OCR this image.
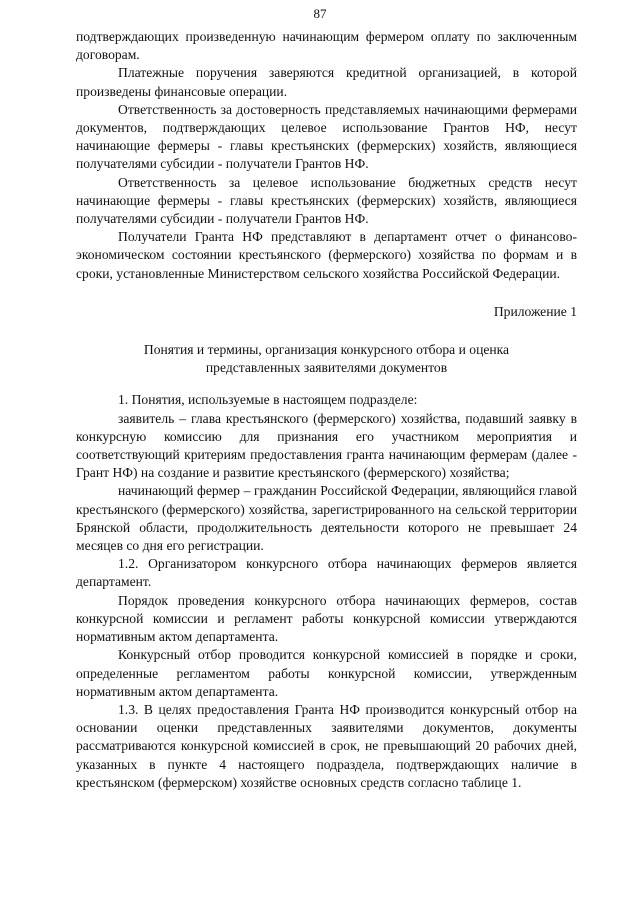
87

подтверждающих произведенную начинающим фермером оплату по заключенным договорам.

Платежные поручения заверяются кредитной организацией, в которой произведены финансовые операции.

Ответственность за достоверность представляемых начинающими фермерами документов, подтверждающих целевое использование Грантов НФ, несут начинающие фермеры - главы крестьянских (фермерских) хозяйств, являющиеся получателями субсидии - получатели Грантов НФ.

Ответственность за целевое использование бюджетных средств несут начинающие фермеры - главы крестьянских (фермерских) хозяйств, являющиеся получателями субсидии - получатели Грантов НФ.

Получатели Гранта НФ представляют в департамент отчет о финансово-экономическом состоянии крестьянского (фермерского) хозяйства по формам и в сроки, установленные Министерством сельского хозяйства Российской Федерации.

Приложение 1

Понятия и термины, организация конкурсного отбора и оценка
представленных заявителями документов

1. Понятия, используемые в настоящем подразделе:

заявитель – глава крестьянского (фермерского) хозяйства, подавший заявку в конкурсную комиссию для признания его участником мероприятия и соответствующий критериям предоставления гранта начинающим фермерам (далее - Грант НФ) на создание и развитие крестьянского (фермерского) хозяйства;

начинающий фермер – гражданин Российской Федерации, являющийся главой крестьянского (фермерского) хозяйства, зарегистрированного на сельской территории Брянской области, продолжительность деятельности которого не превышает 24 месяцев со дня его регистрации.

1.2. Организатором конкурсного отбора начинающих фермеров является департамент.

Порядок проведения конкурсного отбора начинающих фермеров, состав конкурсной комиссии и регламент работы конкурсной комиссии утверждаются нормативным актом департамента.

Конкурсный отбор проводится конкурсной комиссией в порядке и сроки, определенные регламентом работы конкурсной комиссии, утвержденным нормативным актом департамента.

1.3. В целях предоставления Гранта НФ производится конкурсный отбор на основании оценки представленных заявителями документов, документы рассматриваются конкурсной комиссией в срок, не превышающий 20 рабочих дней, указанных в пункте 4 настоящего подраздела, подтверждающих наличие в крестьянском (фермерском) хозяйстве основных средств согласно таблице 1.
